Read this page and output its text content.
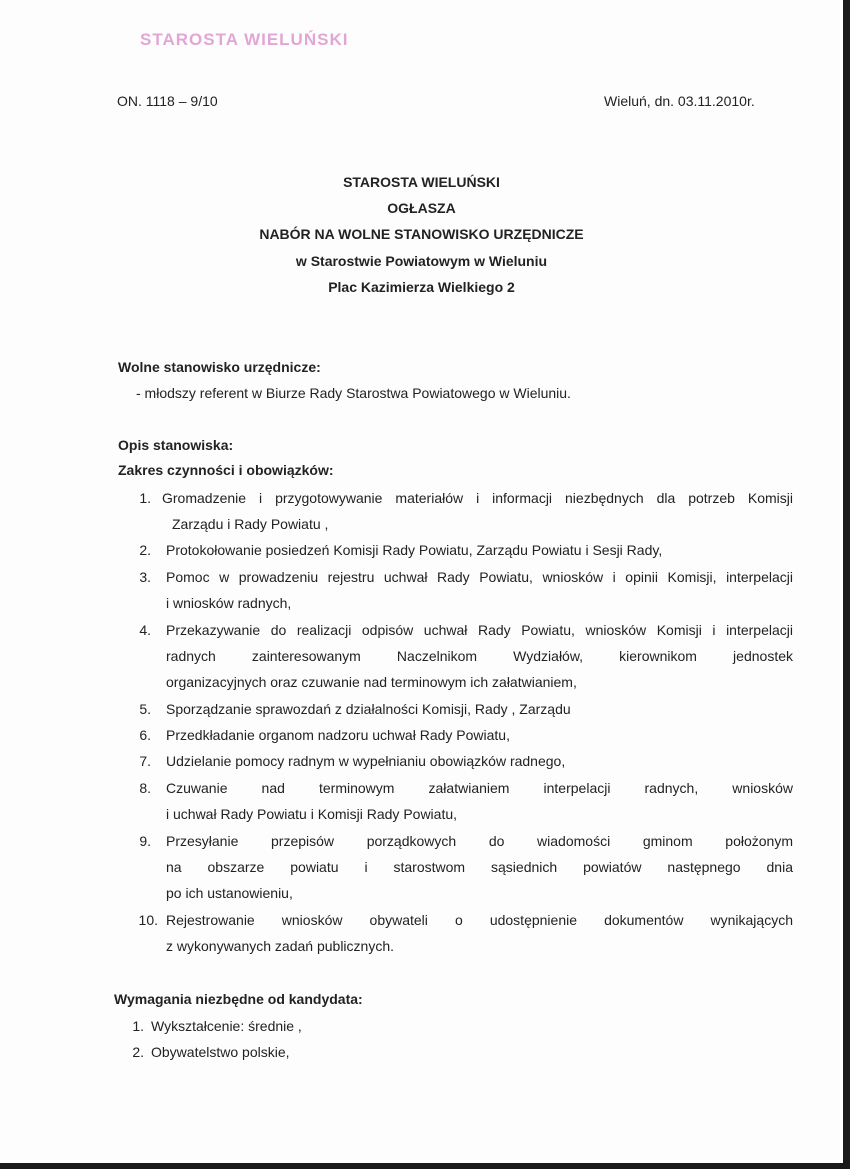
STAROSTA WIELUŃSKI
ON. 1118 – 9/10	Wieluń, dn. 03.11.2010r.
STAROSTA WIELUŃSKI
OGŁASZA
NABÓR NA WOLNE STANOWISKO URZĘDNICZE
w Starostwie Powiatowym w Wieluniu
Plac Kazimierza Wielkiego 2
Wolne stanowisko urzędnicze:
- młodszy referent w Biurze Rady Starostwa Powiatowego w Wieluniu.
Opis stanowiska:
Zakres czynności i obowiązków:
1. Gromadzenie i przygotowywanie materiałów i informacji niezbędnych dla potrzeb Komisji
Zarządu i Rady Powiatu ,
2. Protokołowanie posiedzeń Komisji Rady Powiatu, Zarządu Powiatu i Sesji Rady,
3. Pomoc w prowadzeniu rejestru uchwał Rady Powiatu, wniosków i opinii Komisji, interpelacji
i wniosków radnych,
4. Przekazywanie do realizacji odpisów uchwał Rady Powiatu, wniosków Komisji i interpelacji
radnych zainteresowanym Naczelnikom Wydziałów, kierownikom jednostek
organizacyjnych oraz czuwanie nad terminowym ich załatwianiem,
5. Sporządzanie sprawozdań z działalności Komisji, Rady , Zarządu
6. Przedkładanie organom nadzoru uchwał Rady Powiatu,
7. Udzielanie pomocy radnym w wypełnianiu obowiązków radnego,
8. Czuwanie nad terminowym załatwianiem interpelacji radnych, wniosków
i uchwał Rady Powiatu i Komisji Rady Powiatu,
9. Przesyłanie przepisów porządkowych do wiadomości gminom położonym
na obszarze powiatu i starostwom sąsiednich powiatów następnego dnia
po ich ustanowieniu,
10. Rejestrowanie wniosków obywateli o udostępnienie dokumentów wynikających
z wykonywanych zadań publicznych.
Wymagania niezbędne od kandydata:
1. Wykształcenie: średnie ,
2. Obywatelstwo polskie,
